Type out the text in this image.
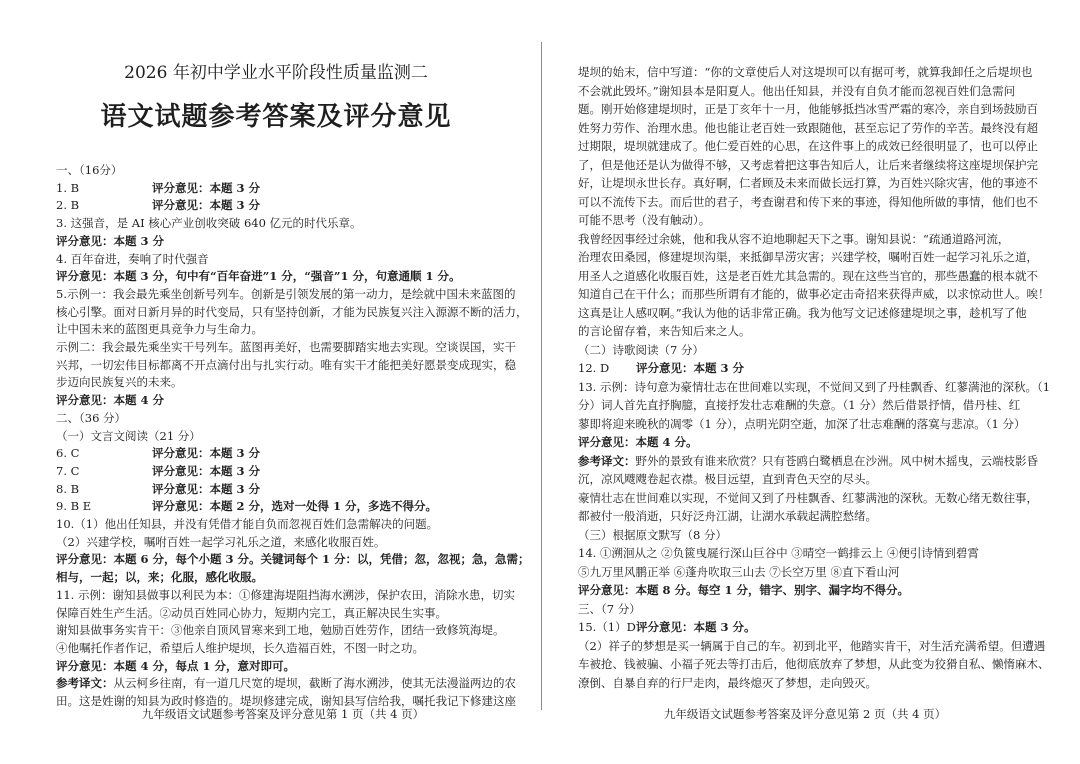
2026 年初中学业水平阶段性质量监测二
语文试题参考答案及评分意见
一、（16分）
1. B	评分意见：本题 3 分
2. B	评分意见：本题 3 分
3. 这强音，是 AI 核心产业创收突破 640 亿元的时代乐章。
评分意见：本题 3 分
4. 百年奋进，奏响了时代强音
评分意见：本题 3 分，句中有“百年奋进”1 分，“强音”1 分，句意通顺 1 分。
5.示例一：我会最先乘坐创新号列车。创新是引领发展的第一动力，是绘就中国未来蓝图的
核心引擎。面对日新月异的时代变局，只有坚持创新，才能为民族复兴注入源源不断的活力，
让中国未来的蓝图更具竞争力与生命力。
示例二：我会最先乘坐实干号列车。蓝图再美好，也需要脚踏实地去实现。空谈误国，实干
兴邦，一切宏伟目标都离不开点滴付出与扎实行动。唯有实干才能把美好愿景变成现实，稳
步迈向民族复兴的未来。
评分意见：本题 4 分
二、（36 分）
（一）文言文阅读（21 分）
6. C	评分意见：本题 3 分
7. C	评分意见：本题 3 分
8. B	评分意见：本题 3 分
9. B E	评分意见：本题 2 分，选对一处得 1 分，多选不得分。
10.（1）他出任知县，并没有凭借才能自负而忽视百姓们急需解决的问题。
（2）兴建学校，嘱咐百姓一起学习礼乐之道，来感化收服百姓。
评分意见：本题 6 分，每个小题 3 分。关键词每个 1 分：以，凭借；忽，忽视；急，急需；
相与，一起；以，来；化服，感化收服。
11. 示例：谢知县做事以利民为本：①修建海堤阻挡海水溯涉，保护农田，消除水患，切实
保障百姓生产生活。②动员百姓同心协力，短期内完工，真正解决民生实事。
谢知县做事务实肯干：③他亲自顶风冒寒来到工地，勉励百姓劳作，团结一致修筑海堤。
④他嘱托作者作记，希望后人维护堤坝，长久造福百姓，不图一时之功。
评分意见：本题 4 分，每点 1 分，意对即可。
参考译文：从云柯乡往南，有一道几尺宽的堤坝，截断了海水溯涉，使其无法漫溢两边的农
田。这是姓谢的知县为政时修造的。堤坝修建完成，谢知县写信给我，嘱托我记下修建这座
九年级语文试题参考答案及评分意见第 1 页（共 4 页）
堤坝的始末，信中写道：“你的文章使后人对这堤坝可以有据可考，就算我卸任之后堤坝也
不会就此毁坏。”谢知县本是阳夏人。他出任知县，并没有自负才能而忽视百姓们急需问
题。刚开始修建堤坝时，正是丁亥年十一月，他能够抵挡冰雪严霜的寒冷，亲自到场鼓励百
姓努力劳作、治理水患。他也能让老百姓一致跟随他，甚至忘记了劳作的辛苦。最终没有超
过期限，堤坝就建成了。他仁爱百姓的心思，在这件事上的成效已经很明显了，也可以停止
了，但是他还是认为做得不够，又考虑着把这事告知后人，让后来者继续将这座堤坝保护完
好，让堤坝永世长存。真好啊，仁者顾及未来而做长远打算，为百姓兴除灾害，他的事迹不
可以不流传下去。而后世的君子，考查谢君和传下来的事迹，得知他所做的事情，他们也不
可能不思考（没有触动）。
我曾经因事经过余姚，他和我从容不迫地聊起天下之事。谢知县说：“疏通道路河流，
治理农田桑园，修建堤坝沟渠，来抵御旱涝灾害；兴建学校，嘱咐百姓一起学习礼乐之道，
用圣人之道感化收服百姓，这是老百姓尤其急需的。现在这些当官的，那些愚蠢的根本就不
知道自己在干什么；而那些所谓有才能的，做事必定击奇招来获得声威，以求惊动世人。唉！
这真是让人感叹啊。”我认为他的话非常正确。我为他写文记述修建堤坝之事，趁机写了他
的言论留存着，来告知后来之人。
（二）诗歌阅读（7 分）
12. D 评分意见：本题 3 分
13. 示例：诗句意为豪情壮志在世间难以实现，不觉间又到了丹桂飘香、红蓼满池的深秋。（1
分）词人首先直抒胸臆，直接抒发壮志难酬的失意。（1 分）然后借景抒情，借丹桂、红
蓼即将迎来晚秋的凋零（1 分），点明光阴空逝，加深了壮志难酬的落寞与悲凉。（1 分）
评分意见：本题 4 分。
参考译文：野外的景致有谁来欣赏？只有苍鸥白鹭栖息在沙洲。风中树木摇曳，云端枝影昏
沉，凉风飕飕卷起衣襟。极目远望，直到青色天空的尽头。
豪情壮志在世间难以实现，不觉间又到了丹桂飘香、红蓼满池的深秋。无数心绪无数往事，
都被付一般消逝，只好泛舟江湖，让湖水承载起满腔愁绪。
（三）根据原文默写（8 分）
14. ①溯洄从之 ②负篋曳屣行深山巨谷中 ③晴空一鹤排云上 ④便引诗情到碧霄
⑤九万里风鹏正举 ⑥蓬舟吹取三山去 ⑦长空万里 ⑧直下看山河
评分意见：本题 8 分。每空 1 分，错字、别字、漏字均不得分。
三、（7 分）
15.（1）D 评分意见：本题 3 分。
（2）祥子的梦想是买一辆属于自己的车。初到北平，他踏实肯干，对生活充满希望。但遭遇
车被抢、钱被骗、小福子死去等打击后，他彻底放弃了梦想，从此变为狡猾自私、懒惰麻木、
潦倒、自暴自弃的行尸走肉，最终熄灭了梦想，走向毁灭。
九年级语文试题参考答案及评分意见第 2 页（共 4 页）
